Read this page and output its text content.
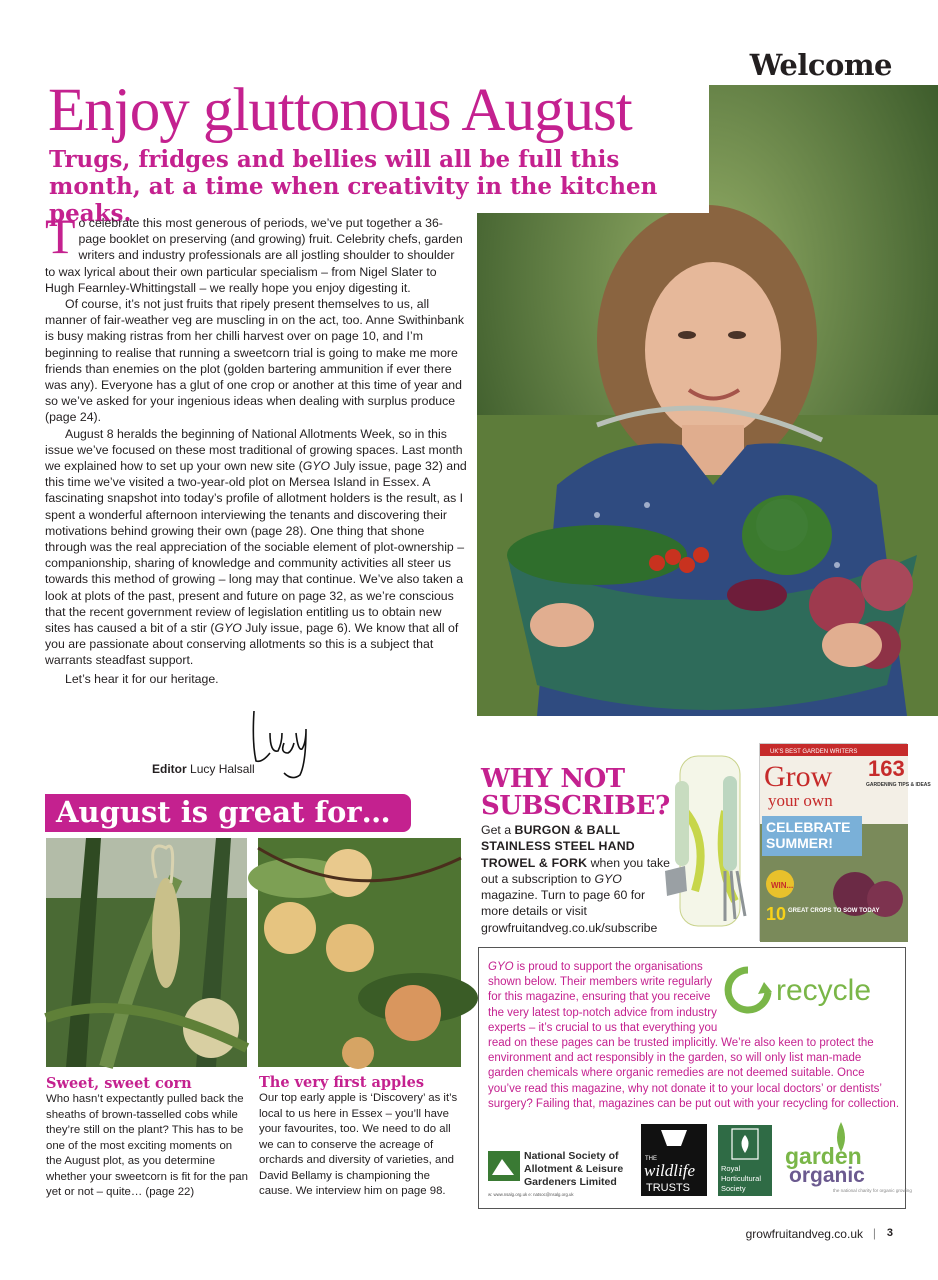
Welcome
Enjoy gluttonous August
Trugs, fridges and bellies will all be full this month, at a time when creativity in the kitchen peaks.

To celebrate this most generous of periods, we’ve put together a 36-page booklet on preserving (and growing) fruit. Celebrity chefs, garden writers and industry professionals are all jostling shoulder to shoulder to wax lyrical about their own particular specialism – from Nigel Slater to Hugh Fearnley-Whittingstall – we really hope you enjoy digesting it.

Of course, it’s not just fruits that ripely present themselves to us, all manner of fair-weather veg are muscling in on the act, too. Anne Swithinbank is busy making ristras from her chilli harvest over on page 10, and I’m beginning to realise that running a sweetcorn trial is going to make me more friends than enemies on the plot (golden bartering ammunition if ever there was any). Everyone has a glut of one crop or another at this time of year and so we’ve asked for your ingenious ideas when dealing with surplus produce (page 24).

August 8 heralds the beginning of National Allotments Week, so in this issue we’ve focused on these most traditional of growing spaces. Last month we explained how to set up your own new site (GYO July issue, page 32) and this time we’ve visited a two-year-old plot on Mersea Island in Essex. A fascinating snapshot into today’s profile of allotment holders is the result, as I spent a wonderful afternoon interviewing the tenants and discovering their motivations behind growing their own (page 28). One thing that shone through was the real appreciation of the sociable element of plot-ownership – companionship, sharing of knowledge and community activities all steer us towards this method of growing – long may that continue. We’ve also taken a look at plots of the past, present and future on page 32, as we’re conscious that the recent government review of legislation entitling us to obtain new sites has caused a bit of a stir (GYO July issue, page 6). We know that all of you are passionate about conserving allotments so this is a subject that warrants steadfast support.

Let’s hear it for our heritage.
Editor Lucy Halsall
August is great for…
Sweet, sweet corn
Who hasn’t expectantly pulled back the sheaths of brown-tasselled cobs while they’re still on the plant? This has to be one of the most exciting moments on the August plot, as you determine whether your sweetcorn is fit for the pan yet or not – quite… (page 22)
The very first apples
Our top early apple is ‘Discovery’ as it’s local to us here in Essex – you’ll have your favourites, too. We need to do all we can to conserve the acreage of orchards and diversity of varieties, and David Bellamy is championing the cause. We interview him on page 98.
WHY NOT SUBSCRIBE?
Get a BURGON & BALL STAINLESS STEEL HAND TROWEL & FORK when you take out a subscription to GYO magazine. Turn to page 60 for more details or visit growfruitandveg.co.uk/subscribe
UK'S BEST GARDEN WRITERS
Grow
your own
163
GARDENING TIPS & IDEAS
CELEBRATE
SUMMER!
WIN...
10 GREAT CROPS TO SOW TODAY
GYO is proud to support the organisations shown below. Their members write regularly for this magazine, ensuring that you receive the very latest top-notch advice from industry experts – it’s crucial to us that everything you read on these pages can be trusted implicitly. We’re also keen to protect the environment and act responsibly in the garden, so will only list man-made garden chemicals where organic remedies are not deemed suitable. Once you’ve read this magazine, why not donate it to your local doctors’ or dentists’ surgery? Failing that, magazines can be put out with your recycling for collection.
recycle
National Society of
Allotment & Leisure
Gardeners Limited
w: www.nsalg.org.uk e: natsoc@nsalg.org.uk
THE
wildlife
TRUSTS
Royal
Horticultural
Society
garden
organic
the national charity for organic growing
growfruitandveg.co.uk | 3
